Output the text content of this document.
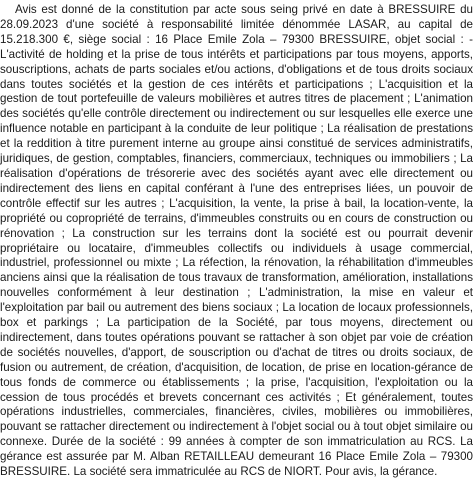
Avis est donné de la constitution par acte sous seing privé en date à BRESSUIRE du 28.09.2023 d'une société à responsabilité limitée dénommée LASAR, au capital de 15.218.300 €, siège social : 16 Place Emile Zola – 79300 BRESSUIRE, objet social : - L'activité de holding et la prise de tous intérêts et participations par tous moyens, apports, souscriptions, achats de parts sociales et/ou actions, d'obligations et de tous droits sociaux dans toutes sociétés et la gestion de ces intérêts et participations ; L'acquisition et la gestion de tout portefeuille de valeurs mobilières et autres titres de placement ; L'animation des sociétés qu'elle contrôle directement ou indirectement ou sur lesquelles elle exerce une influence notable en participant à la conduite de leur politique ; La réalisation de prestations et la reddition à titre purement interne au groupe ainsi constitué de services administratifs, juridiques, de gestion, comptables, financiers, commerciaux, techniques ou immobiliers ; La réalisation d'opérations de trésorerie avec des sociétés ayant avec elle directement ou indirectement des liens en capital conférant à l'une des entreprises liées, un pouvoir de contrôle effectif sur les autres ; L'acquisition, la vente, la prise à bail, la location-vente, la propriété ou copropriété de terrains, d'immeubles construits ou en cours de construction ou rénovation ; La construction sur les terrains dont la société est ou pourrait devenir propriétaire ou locataire, d'immeubles collectifs ou individuels à usage commercial, industriel, professionnel ou mixte ; La réfection, la rénovation, la réhabilitation d'immeubles anciens ainsi que la réalisation de tous travaux de transformation, amélioration, installations nouvelles conformément à leur destination ; L'administration, la mise en valeur et l'exploitation par bail ou autrement des biens sociaux ; La location de locaux professionnels, box et parkings ; La participation de la Société, par tous moyens, directement ou indirectement, dans toutes opérations pouvant se rattacher à son objet par voie de création de sociétés nouvelles, d'apport, de souscription ou d'achat de titres ou droits sociaux, de fusion ou autrement, de création, d'acquisition, de location, de prise en location-gérance de tous fonds de commerce ou établissements ; la prise, l'acquisition, l'exploitation ou la cession de tous procédés et brevets concernant ces activités ; Et généralement, toutes opérations industrielles, commerciales, financières, civiles, mobilières ou immobilières, pouvant se rattacher directement ou indirectement à l'objet social ou à tout objet similaire ou connexe. Durée de la société : 99 années à compter de son immatriculation au RCS. La gérance est assurée par M. Alban RETAILLEAU demeurant 16 Place Emile Zola – 79300 BRESSUIRE. La société sera immatriculée au RCS de NIORT. Pour avis, la gérance.
